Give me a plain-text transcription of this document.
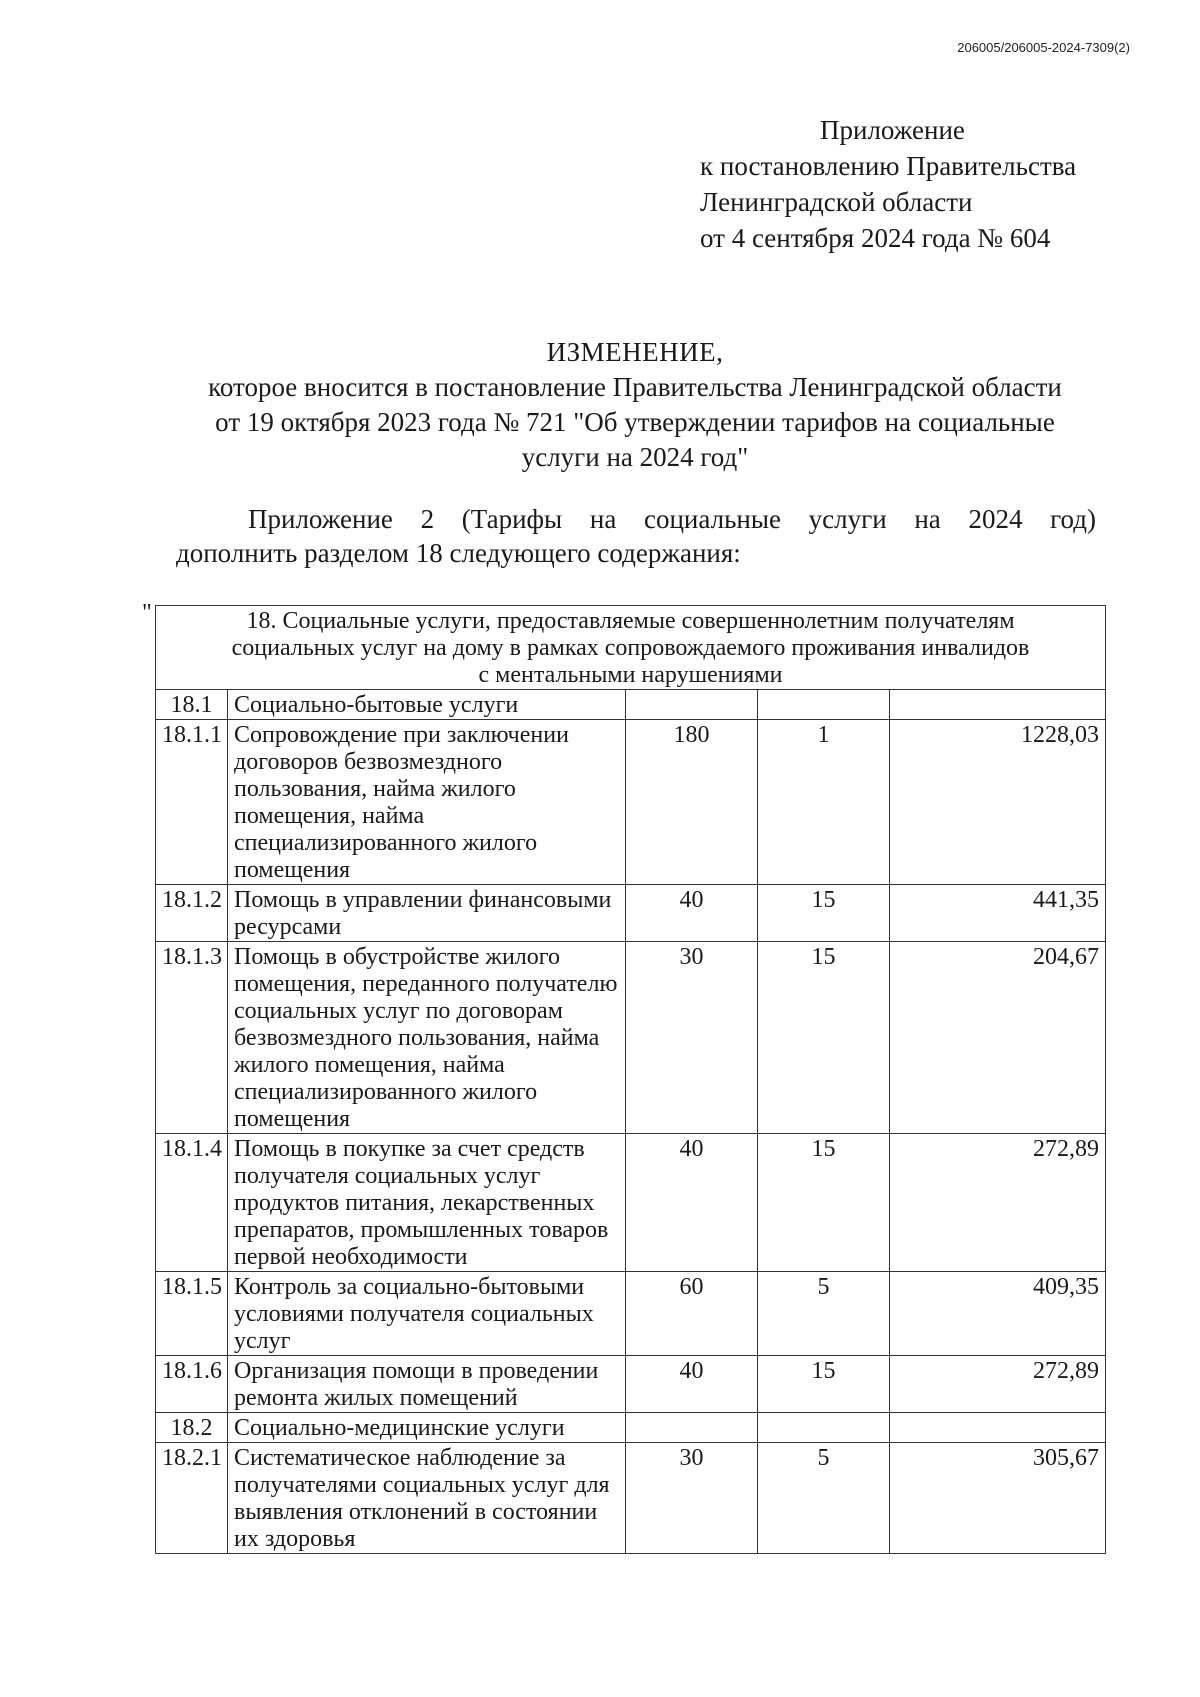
206005/206005-2024-7309(2)
Приложение
к постановлению Правительства
Ленинградской области
от 4 сентября 2024 года № 604
ИЗМЕНЕНИЕ,
которое вносится в постановление Правительства Ленинградской области
от 19 октября 2023 года № 721 "Об утверждении тарифов на социальные
услуги на 2024 год"
Приложение 2 (Тарифы на социальные услуги на 2024 год)
дополнить разделом 18 следующего содержания:
"	18. Социальные услуги, предоставляемые совершеннолетним получателям
социальных услуг на дому в рамках сопровождаемого проживания инвалидов
с ментальными нарушениями				

18.1	Социально-бытовые услуги			
18.1.1	Сопровождение при заключении договоров безвозмездного пользования, найма жилого помещения, найма специализированного жилого помещения	180	1	1228,03
18.1.2	Помощь в управлении финансовыми ресурсами	40	15	441,35
18.1.3	Помощь в обустройстве жилого помещения, переданного получателю социальных услуг по договорам безвозмездного пользования, найма жилого помещения, найма специализированного жилого помещения	30	15	204,67
18.1.4	Помощь в покупке за счет средств получателя социальных услуг продуктов питания, лекарственных препаратов, промышленных товаров первой необходимости	40	15	272,89
18.1.5	Контроль за социально-бытовыми условиями получателя социальных услуг	60	5	409,35
18.1.6	Организация помощи в проведении ремонта жилых помещений	40	15	272,89
18.2	Социально-медицинские услуги			
18.2.1	Систематическое наблюдение за получателями социальных услуг для выявления отклонений в состоянии их здоровья	30	5	305,67
